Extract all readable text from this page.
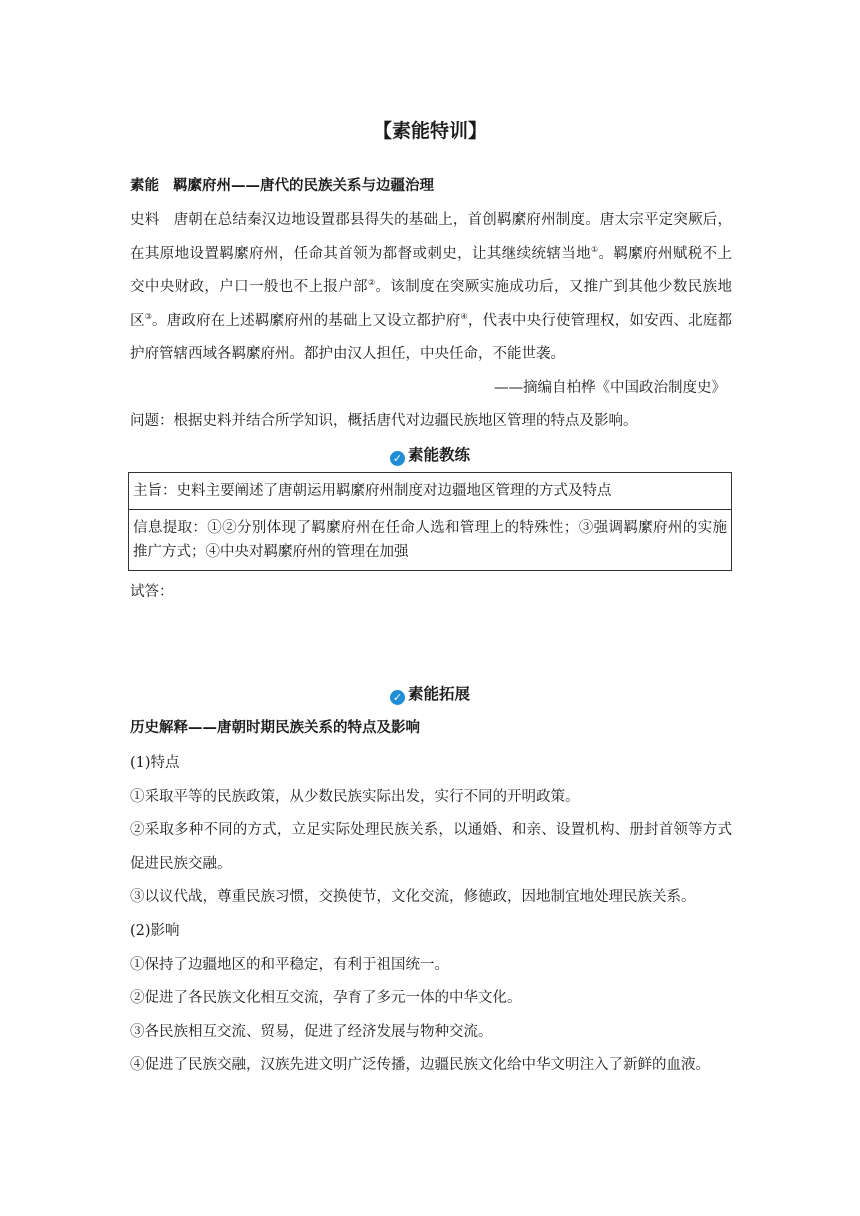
【素能特训】
素能 羁縻府州——唐代的民族关系与边疆治理
史料 唐朝在总结秦汉边地设置郡县得失的基础上，首创羁縻府州制度。唐太宗平定突厥后，
在其原地设置羁縻府州，任命其首领为都督或刺史，让其继续统辖当地①。羁縻府州赋税不上
交中央财政，户口一般也不上报户部②。该制度在突厥实施成功后，又推广到其他少数民族地
区③。唐政府在上述羁縻府州的基础上又设立都护府④，代表中央行使管理权，如安西、北庭都
护府管辖西域各羁縻府州。都护由汉人担任，中央任命，不能世袭。
——摘编自柏桦《中国政治制度史》
问题：根据史料并结合所学知识，概括唐代对边疆民族地区管理的特点及影响。
✓ 素能教练
主旨：史料主要阐述了唐朝运用羁縻府州制度对边疆地区管理的方式及特点
信息提取：①②分别体现了羁縻府州在任命人选和管理上的特殊性；③强调羁縻府州的实施
推广方式；④中央对羁縻府州的管理在加强
试答：
✓ 素能拓展
历史解释——唐朝时期民族关系的特点及影响
(1)特点
①采取平等的民族政策，从少数民族实际出发，实行不同的开明政策。
②采取多种不同的方式，立足实际处理民族关系，以通婚、和亲、设置机构、册封首领等方式
促进民族交融。
③以议代战，尊重民族习惯，交换使节，文化交流，修德政，因地制宜地处理民族关系。
(2)影响
①保持了边疆地区的和平稳定，有利于祖国统一。
②促进了各民族文化相互交流，孕育了多元一体的中华文化。
③各民族相互交流、贸易，促进了经济发展与物种交流。
④促进了民族交融，汉族先进文明广泛传播，边疆民族文化给中华文明注入了新鲜的血液。
